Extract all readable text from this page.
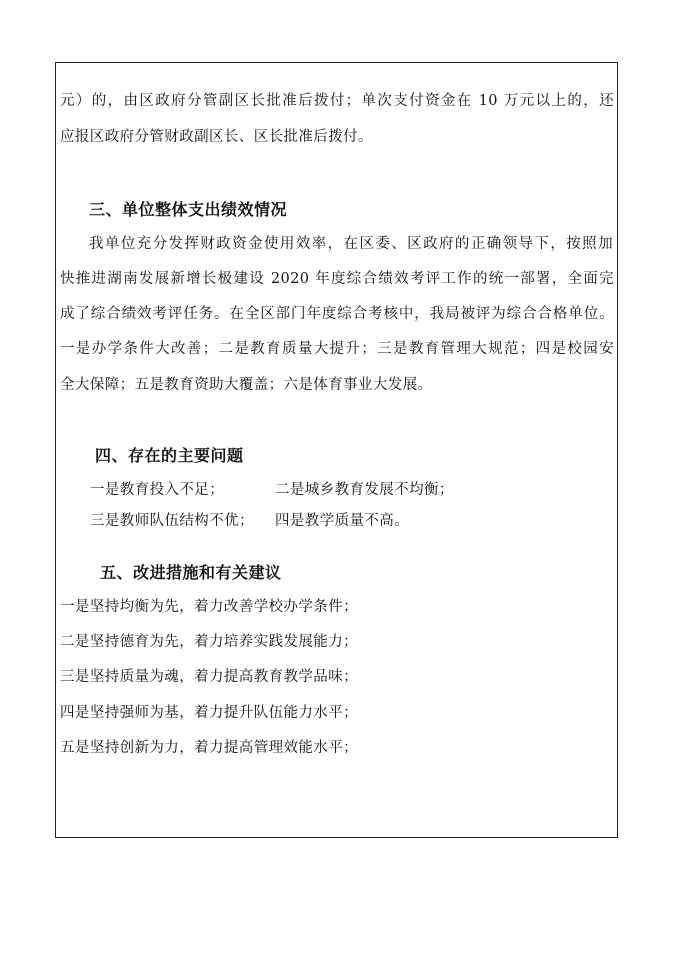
元）的，由区政府分管副区长批准后拨付；单次支付资金在 10 万元以上的，还
应报区政府分管财政副区长、区长批准后拨付。
三、单位整体支出绩效情况
我单位充分发挥财政资金使用效率，在区委、区政府的正确领导下，按照加
快推进湖南发展新增长极建设 2020 年度综合绩效考评工作的统一部署，全面完
成了综合绩效考评任务。在全区部门年度综合考核中，我局被评为综合合格单位。
一是办学条件大改善；二是教育质量大提升；三是教育管理大规范；四是校园安
全大保障；五是教育资助大覆盖；六是体育事业大发展。
四、存在的主要问题
一是教育投入不足；	二是城乡教育发展不均衡；
三是教师队伍结构不优； 四是教学质量不高。
五、改进措施和有关建议
一是坚持均衡为先，着力改善学校办学条件；
二是坚持德育为先，着力培养实践发展能力；
三是坚持质量为魂，着力提高教育教学品味；
四是坚持强师为基，着力提升队伍能力水平；
五是坚持创新为力，着力提高管理效能水平；
